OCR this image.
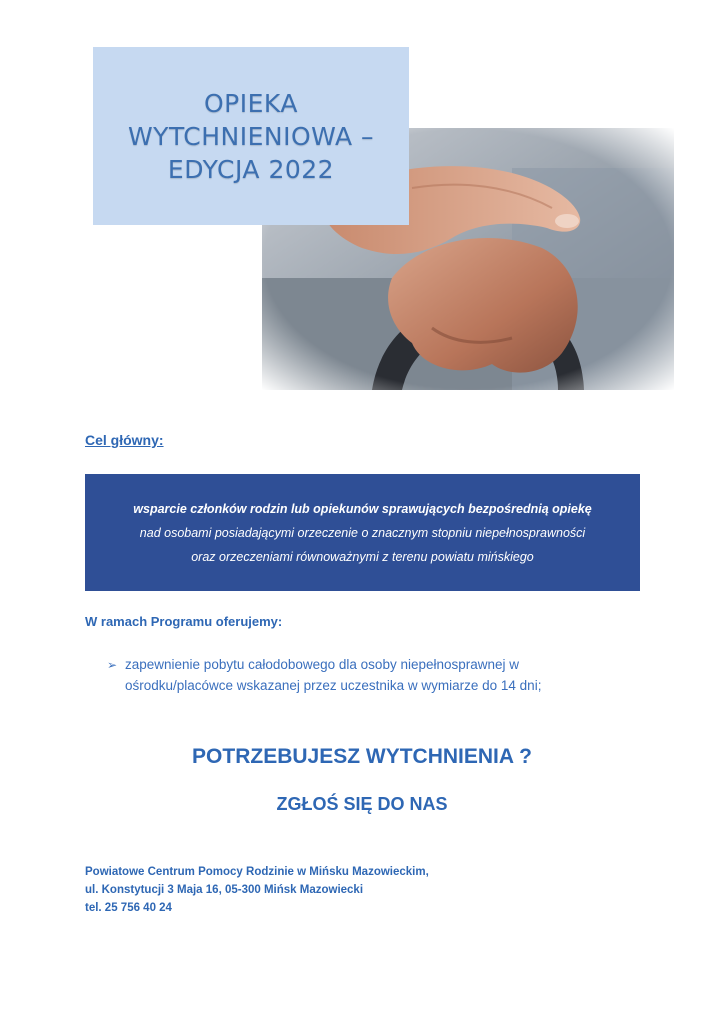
OPIEKA
WYTCHNIENIOWA –
EDYCJA 2022
Cel główny:
wsparcie członków rodzin lub opiekunów sprawujących bezpośrednią opiekę
nad osobami posiadającymi orzeczenie o znacznym stopniu niepełnosprawności
oraz orzeczeniami równoważnymi z terenu powiatu mińskiego
W ramach Programu oferujemy:
➢ zapewnienie pobytu całodobowego dla osoby niepełnosprawnej w
ośrodku/placówce wskazanej przez uczestnika w wymiarze do 14 dni;
POTRZEBUJESZ WYTCHNIENIA ?
ZGŁOŚ SIĘ DO NAS
Powiatowe Centrum Pomocy Rodzinie w Mińsku Mazowieckim,
ul. Konstytucji 3 Maja 16, 05-300 Mińsk Mazowiecki
tel. 25 756 40 24
